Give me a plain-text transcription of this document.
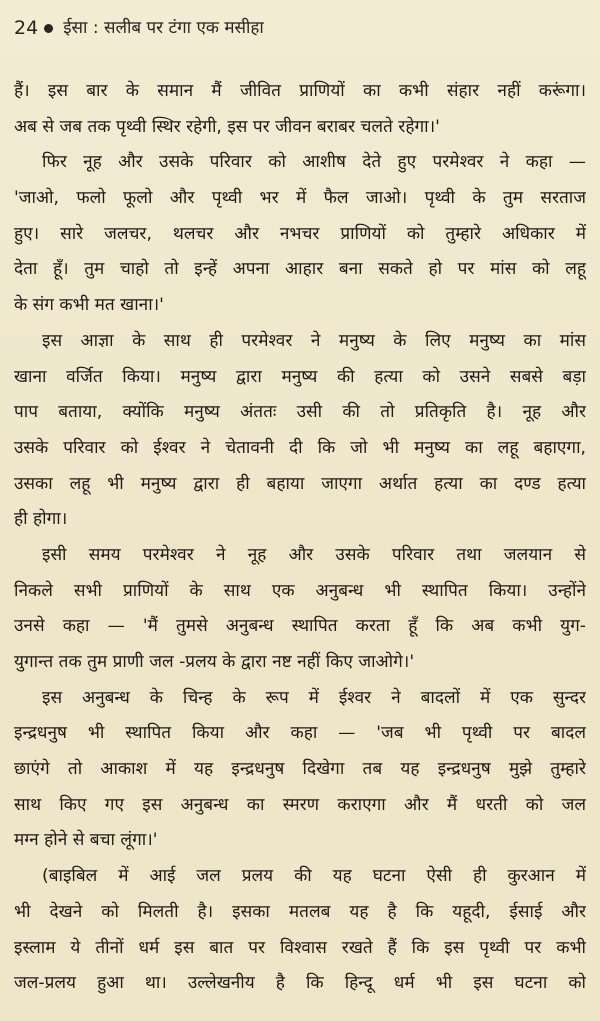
24 ईसा : सलीब पर टंगा एक मसीहा
हैं। इस बार के समान मैं जीवित प्राणियों का कभी संहार नहीं करूंगा।
अब से जब तक पृथ्वी स्थिर रहेगी, इस पर जीवन बराबर चलते रहेगा।'
फिर नूह और उसके परिवार को आशीष देते हुए परमेश्वर ने कहा —
'जाओ, फलो फूलो और पृथ्वी भर में फैल जाओ। पृथ्वी के तुम सरताज
हुए। सारे जलचर, थलचर और नभचर प्राणियों को तुम्हारे अधिकार में
देता हूँ। तुम चाहो तो इन्हें अपना आहार बना सकते हो पर मांस को लहू
के संग कभी मत खाना।'
इस आज्ञा के साथ ही परमेश्वर ने मनुष्य के लिए मनुष्य का मांस
खाना वर्जित किया। मनुष्य द्वारा मनुष्य की हत्या को उसने सबसे बड़ा
पाप बताया, क्योंकि मनुष्य अंततः उसी की तो प्रतिकृति है। नूह और
उसके परिवार को ईश्वर ने चेतावनी दी कि जो भी मनुष्य का लहू बहाएगा,
उसका लहू भी मनुष्य द्वारा ही बहाया जाएगा अर्थात हत्या का दण्ड हत्या
ही होगा।
इसी समय परमेश्वर ने नूह और उसके परिवार तथा जलयान से
निकले सभी प्राणियों के साथ एक अनुबन्ध भी स्थापित किया। उन्होंने
उनसे कहा — 'मैं तुमसे अनुबन्ध स्थापित करता हूँ कि अब कभी युग-
युगान्त तक तुम प्राणी जल -प्रलय के द्वारा नष्ट नहीं किए जाओगे।'
इस अनुबन्ध के चिन्ह के रूप में ईश्वर ने बादलों में एक सुन्दर
इन्द्रधनुष भी स्थापित किया और कहा — 'जब भी पृथ्वी पर बादल
छाएंगे तो आकाश में यह इन्द्रधनुष दिखेगा तब यह इन्द्रधनुष मुझे तुम्हारे
साथ किए गए इस अनुबन्ध का स्मरण कराएगा और मैं धरती को जल
मग्न होने से बचा लूंगा।'
(बाइबिल में आई जल प्रलय की यह घटना ऐसी ही कुरआन में
भी देखने को मिलती है। इसका मतलब यह है कि यहूदी, ईसाई और
इस्लाम ये तीनों धर्म इस बात पर विश्वास रखते हैं कि इस पृथ्वी पर कभी
जल-प्रलय हुआ था। उल्लेखनीय है कि हिन्दू धर्म भी इस घटना को
